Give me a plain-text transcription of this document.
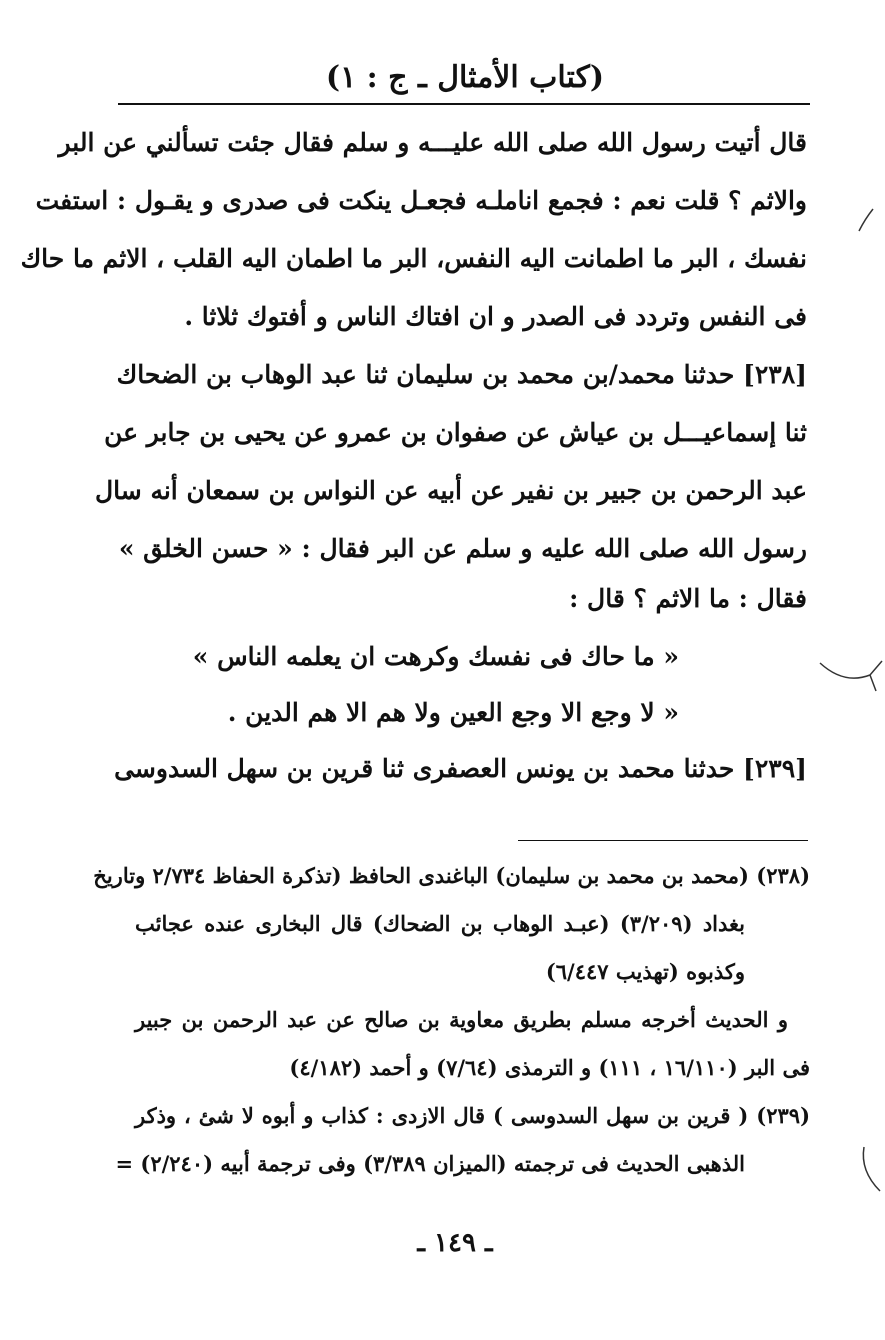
(كتاب الأمثال ـ ج : ١)
قال أتيت رسول الله صلى الله عليـــه و سلم فقال جئت تسألني عن البر
والاثم ؟ قلت نعم : فجمع اناملـه فجعـل ينكت فى صدرى و يقـول : استفت
نفسك ، البر ما اطمانت اليه النفس، البر ما اطمان اليه القلب ، الاثم ما حاك
فى النفس وتردد فى الصدر و ان افتاك الناس و أفتوك ثلاثا .
[٢٣٨] حدثنا محمد/بن محمد بن سليمان ثنا عبد الوهاب بن الضحاك
ثنا إسماعيـــل بن عياش عن صفوان بن عمرو عن يحيى بن جابر عن
عبد الرحمن بن جبير بن نفير عن أبيه عن النواس بن سمعان أنه سال
رسول الله صلى الله عليه و سلم عن البر فقال : « حسن الخلق »
فقال : ما الاثم ؟ قال :
« ما حاك فى نفسك وكرهت ان يعلمه الناس »
« لا وجع الا وجع العين ولا هم الا هم الدين .
[٢٣٩] حدثنا محمد بن يونس العصفرى ثنا قرين بن سهل السدوسى
(٢٣٨) (محمد بن محمد بن سليمان) الباغندى الحافظ (تذكرة الحفاظ ٢/٧٣٤ وتاريخ
بغداد (٣/٢٠٩) (عبـد الوهاب بن الضحاك) قال البخارى عنده عجائب
وكذبوه (تهذيب ٦/٤٤٧)
و الحديث أخرجه مسلم بطريق معاوية بن صالح عن عبد الرحمن بن جبير
فى البر (١٦/١١٠ ، ١١١) و الترمذى (٧/٦٤) و أحمد (٤/١٨٢)
(٢٣٩) ( قرين بن سهل السدوسى ) قال الازدى : كذاب و أبوه لا شئ ، وذكر
الذهبى الحديث فى ترجمته (الميزان ٣/٣٨٩) وفى ترجمة أبيه (٢/٢٤٠) =
ـ ١٤٩ ـ
